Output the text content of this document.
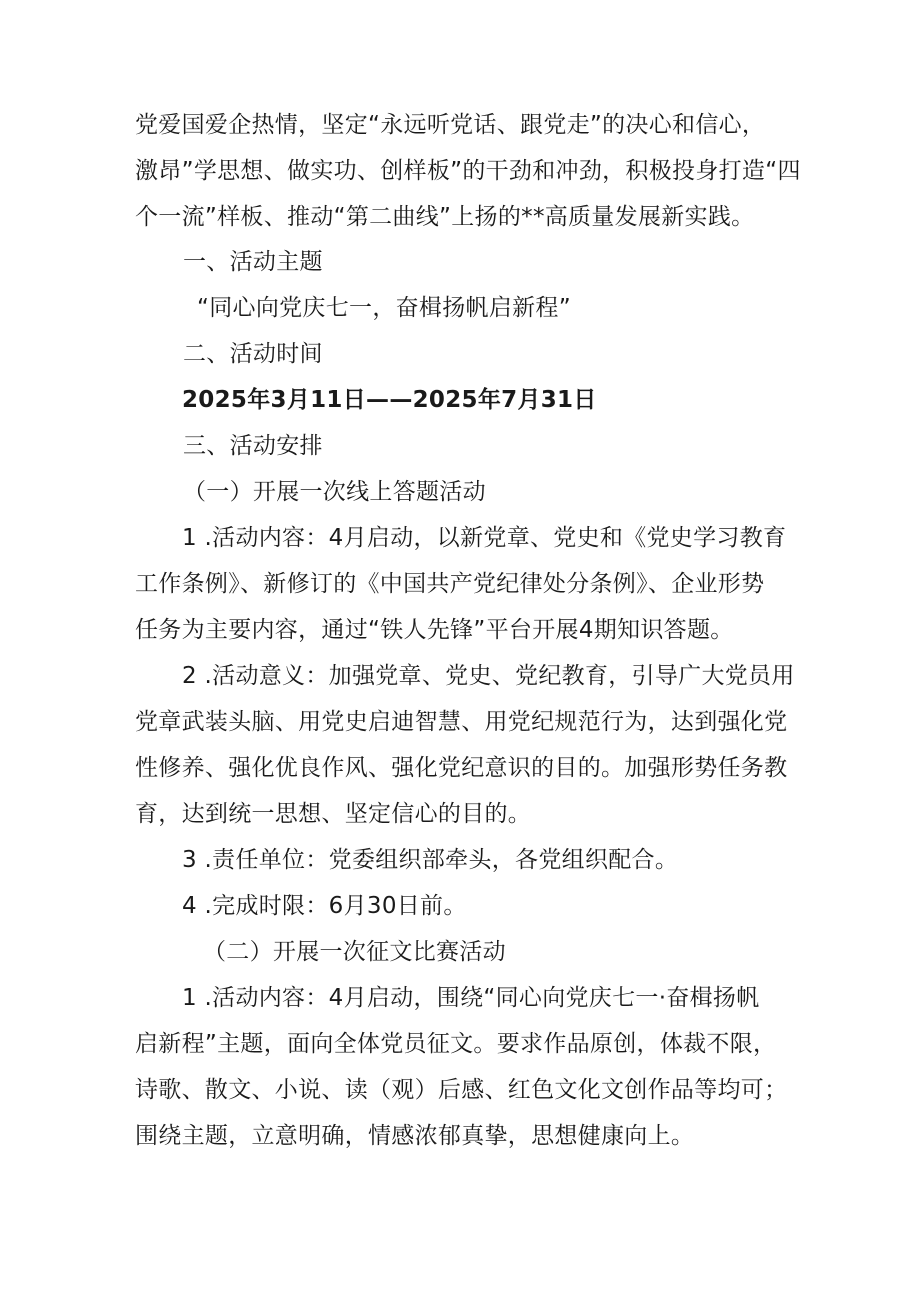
党爱国爱企热情，坚定“永远听党话、跟党走”的决心和信心，
激昂”学思想、做实功、创样板”的干劲和冲劲，积极投身打造“四
个一流”样板、推动“第二曲线”上扬的**高质量发展新实践。
一、活动主题
“同心向党庆七一，奋楫扬帆启新程”
二、活动时间
2025年3月11日——2025年7月31日
三、活动安排
（一）开展一次线上答题活动
1 .活动内容：4月启动，以新党章、党史和《党史学习教育
工作条例》、新修订的《中国共产党纪律处分条例》、企业形势
任务为主要内容，通过“铁人先锋”平台开展4期知识答题。
2 .活动意义：加强党章、党史、党纪教育，引导广大党员用
党章武装头脑、用党史启迪智慧、用党纪规范行为，达到强化党
性修养、强化优良作风、强化党纪意识的目的。加强形势任务教
育，达到统一思想、坚定信心的目的。
3 .责任单位：党委组织部牵头，各党组织配合。
4 .完成时限：6月30日前。
（二）开展一次征文比赛活动
1 .活动内容：4月启动，围绕“同心向党庆七一·奋楫扬帆
启新程”主题，面向全体党员征文。要求作品原创，体裁不限，
诗歌、散文、小说、读（观）后感、红色文化文创作品等均可；
围绕主题，立意明确，情感浓郁真挚，思想健康向上。
